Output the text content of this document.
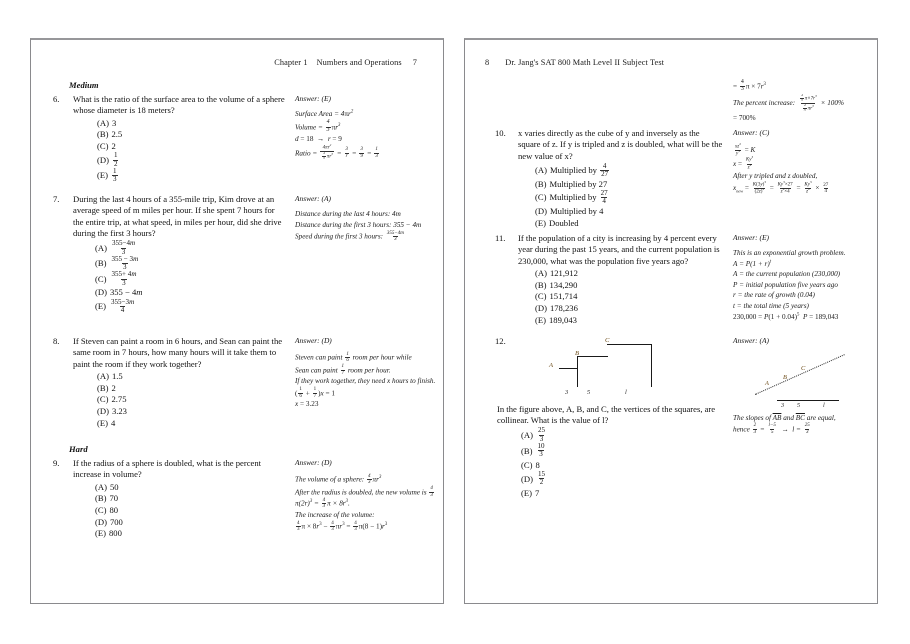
Chapter 1 Numbers and Operations 7
Medium
6.	What is the ratio of the surface area to the volume of a sphere whose diameter is 18 meters?
(A) 3
(B) 2.5
(C) 2
$(D) \frac{1}{2}$
$(E) \frac{1}{3}$
Answer: (E)
Surface Area = $4\pi r^2$
Volume = $\frac{4}{3} \pi r^3$
d = 18  →  r = 9
Ratio = $\frac{4\pi r^2}{\frac{4}{3} \pi r^3} = \frac{3}{r} = \frac{3}{9} = \frac{1}{3}$
7.	During the last 4 hours of a 355-mile trip, Kim drove at an average speed of m miles per hour. If she spent 7 hours for the entire trip, at what speed, in miles per hour, did she drive during the first 3 hours?
$(A) \frac{355-4m}{3}$
$(B) \frac{355 - 3m}{3}$
$(C) \frac{355+ 4m}{3}$
(D) 355 − 4m
$(E) \frac{355-3m}{4}$
Answer: (A)
Distance during the last 4 hours: 4m
Distance during the first 3 hours: 355 − 4m
Speed during the first 3 hours: $\frac{355-4m}{3}$
8.	If Steven can paint a room in 6 hours, and Sean can paint the same room in 7 hours, how many hours will it take them to paint the room if they work together?
(A) 1.5
(B) 2
(C) 2.75
(D) 3.23
(E) 4
Answer: (D)
Steven can paint $\frac{1}{6}$ room per hour while
Sean can paint $\frac{1}{7}$ room per hour.
If they work together, they need x hours to finish.
( $\frac{1}{6} + \frac{1}{7} )x = 1$
x = 3.23
Hard
9.	If the radius of a sphere is doubled, what is the percent increase in volume?
(A) 50
(B) 70
(C) 80
(D) 700
(E) 800
Answer: (D)
The volume of a sphere: $\frac{4}{3} \pi r^3$
After the radius is doubled, the new volume is $\frac{4}{3}$
$\pi(2r)^3 = \frac{4}{3}$ $\pi \times 8r^3$.
The increase of the volume:
$\frac{4}{3}$ $\pi \times 8r^3 - \frac{4}{3} \pi r^3 = \frac{4}{3} \pi(8 - 1)r^3$
8 Dr. Jang's SAT 800 Math Level II Subject Test
= $\frac{4}{3}$ $\pi \times 7r^3$
The percent increase: $\frac{\frac{4}{3} \pi\times 7r^3}{\frac{4}{3} \pi r^3} \times 100\%$
= 700%
10.	x varies directly as the cube of y and inversely as the square of z. If y is tripled and z is doubled, what will be the new value of x?
(A) Multiplied by $\frac{4}{27}$
(B) Multiplied by 27
(C) Multiplied by $\frac{27}{4}$
(D) Multiplied by 4
(E) Doubled
Answer: (C)
$\frac{xz^2}{y^3} = K$
$x = \frac{Ky^3}{z^2}$
After y tripled and z doubled,
$x_{new} = \frac{K(3y)^3}{(2z)^2} = \frac{Ky^3\times 27}{z^2\times 4} = \frac{Ky^3}{z^2} \times \frac{27}{4}$
11.	If the population of a city is increasing by 4 percent every year during the past 15 years, and the current population is 230,000, what was the population five years ago?
(A) 121,912
(B) 134,290
(C) 151,714
(D) 178,236
(E) 189,043
Answer: (E)
This is an exponential growth problem.
$A = P(1 + r)^t$
A = the current population (230,000)
P = initial population five years ago
r = the rate of growth (0.04)
t = the total time (5 years)
$230,000 = P(1 + 0.04)^5$ P = 189,043
12.
A
B
C
3	5	l
In the figure above, A, B, and C, the vertices of the squares, are collinear. What is the value of l?
$(A) \frac{25}{3}$
$(B) \frac{10}{3}$
(C) 8
$(D) \frac{15}{2}$
(E) 7
Answer: (A)
A
B
C
3 5	l
The slopes of $\overline{AB}$ and $\overline{BC}$ are equal,
hence $\frac{2}{3} = \frac{l-5}{5} \to l = \frac{25}{3}$
